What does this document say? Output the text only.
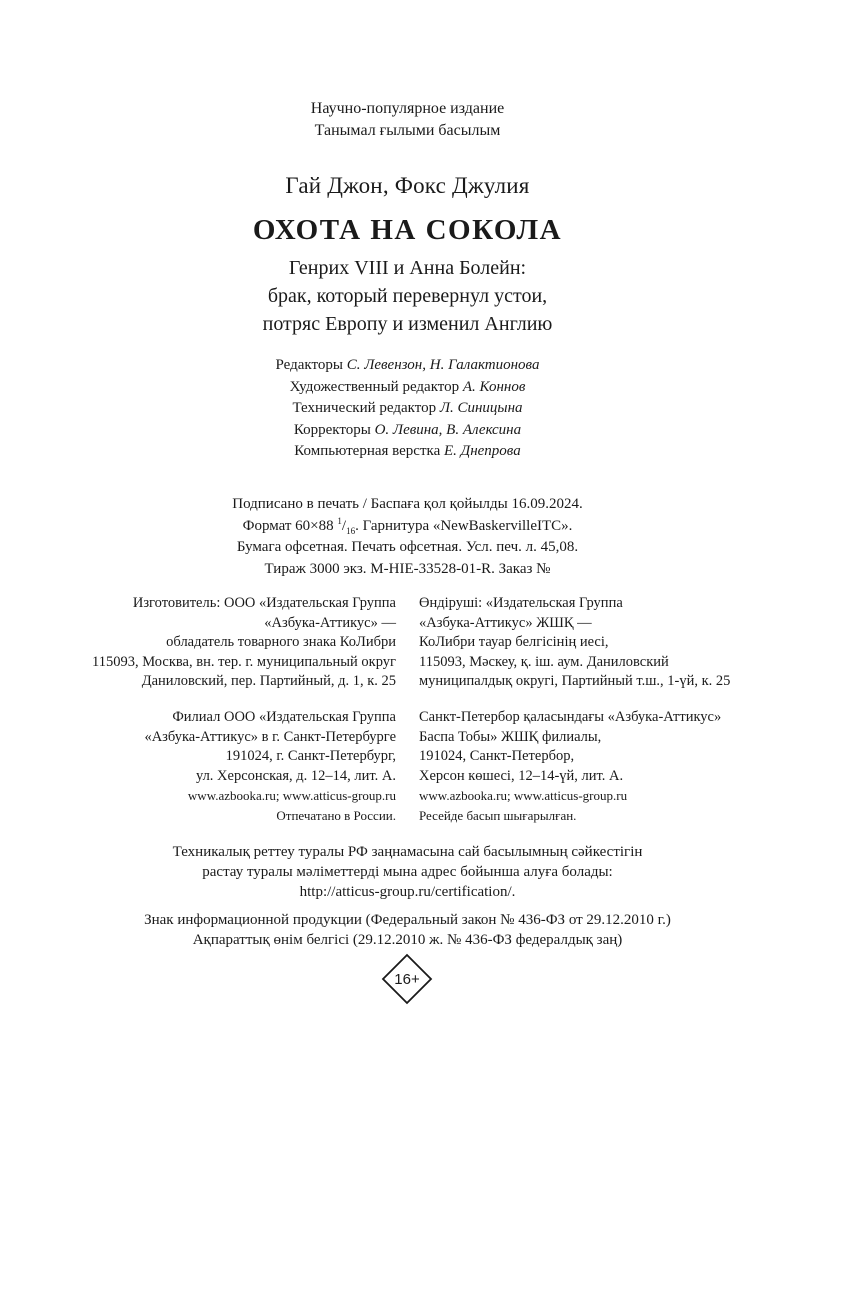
Научно-популярное издание
Танымал ғылыми басылым
Гай Джон, Фокс Джулия
ОХОТА НА СОКОЛА
Генрих VIII и Анна Болейн:
брак, который перевернул устои,
потряс Европу и изменил Англию
Редакторы С. Левензон, Н. Галактионова
Художественный редактор А. Коннов
Технический редактор Л. Синицына
Корректоры О. Левина, В. Алексина
Компьютерная верстка Е. Днепрова
Подписано в печать / Баспаға қол қойылды 16.09.2024.
Формат 60×88 $^1/_{16}$. Гарнитура «NewBaskervilleITC».
Бумага офсетная. Печать офсетная. Усл. печ. л. 45,08.
Тираж 3000 экз. M-HIE-33528-01-R. Заказ №
Изготовитель: ООО «Издательская Группа
«Азбука-Аттикус» —
обладатель товарного знака КоЛибри
115093, Москва, вн. тер. г. муниципальный округ
Даниловский, пер. Партийный, д. 1, к. 25
Өндіруші: «Издательская Группа
«Азбука-Аттикус» ЖШҚ —
КоЛибри тауар белгісінің иесі,
115093, Мәскеу, қ. іш. аум. Даниловский
муниципалдық округі, Партийный т.ш., 1-үй, к. 25
Филиал ООО «Издательская Группа
«Азбука-Аттикус» в г. Санкт-Петербурге
191024, г. Санкт-Петербург,
ул. Херсонская, д. 12–14, лит. А.
www.azbooka.ru; www.atticus-group.ru
Отпечатано в России.
Санкт-Петербор қаласындағы «Азбука-Аттикус»
Баспа Тобы» ЖШҚ филиалы,
191024, Санкт-Петербор,
Херсон көшесі, 12–14-үй, лит. А.
www.azbooka.ru; www.atticus-group.ru
Ресейде басып шығарылған.
Техникалық реттеу туралы РФ заңнамасына сай басылымның сәйкестігін
растау туралы мәліметтерді мына адрес бойынша алуға болады:
http://atticus-group.ru/certification/.
Знак информационной продукции (Федеральный закон № 436-ФЗ от 29.12.2010 г.)
Ақпараттық өнім белгісі (29.12.2010 ж. № 436-ФЗ федералдық заң)
16+
